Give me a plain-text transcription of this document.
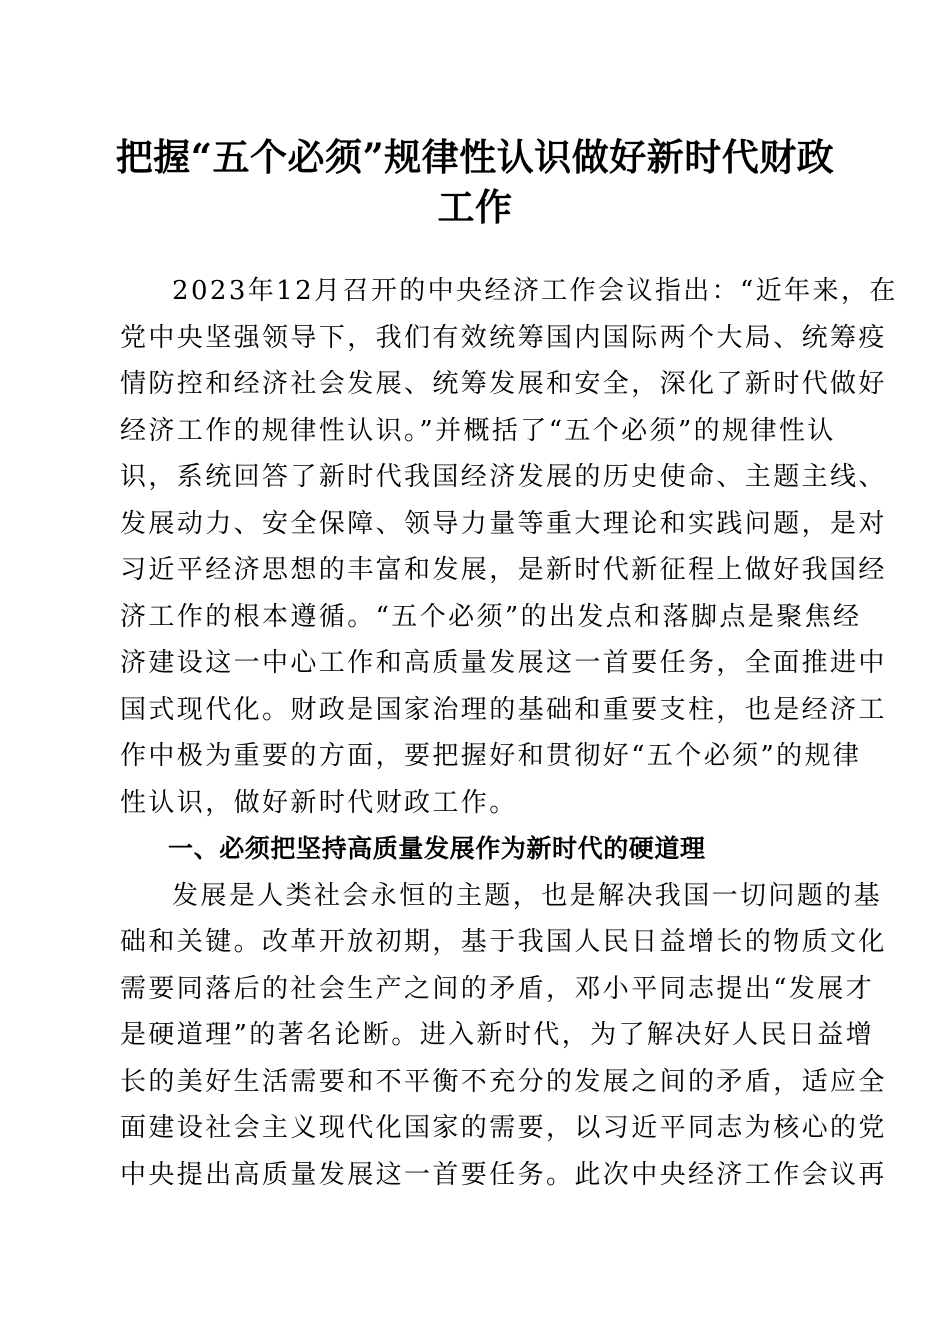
把握“五个必须”规律性认识做好新时代财政
工作
2023年12月召开的中央经济工作会议指出：“近年来，在
党中央坚强领导下，我们有效统筹国内国际两个大局、统筹疫
情防控和经济社会发展、统筹发展和安全，深化了新时代做好
经济工作的规律性认识。”并概括了“五个必须”的规律性认
识，系统回答了新时代我国经济发展的历史使命、主题主线、
发展动力、安全保障、领导力量等重大理论和实践问题，是对
习近平经济思想的丰富和发展，是新时代新征程上做好我国经
济工作的根本遵循。“五个必须”的出发点和落脚点是聚焦经
济建设这一中心工作和高质量发展这一首要任务，全面推进中
国式现代化。财政是国家治理的基础和重要支柱，也是经济工
作中极为重要的方面，要把握好和贯彻好“五个必须”的规律
性认识，做好新时代财政工作。
一、必须把坚持高质量发展作为新时代的硬道理
发展是人类社会永恒的主题，也是解决我国一切问题的基
础和关键。改革开放初期，基于我国人民日益增长的物质文化
需要同落后的社会生产之间的矛盾，邓小平同志提出“发展才
是硬道理”的著名论断。进入新时代，为了解决好人民日益增
长的美好生活需要和不平衡不充分的发展之间的矛盾，适应全
面建设社会主义现代化国家的需要，以习近平同志为核心的党
中央提出高质量发展这一首要任务。此次中央经济工作会议再
